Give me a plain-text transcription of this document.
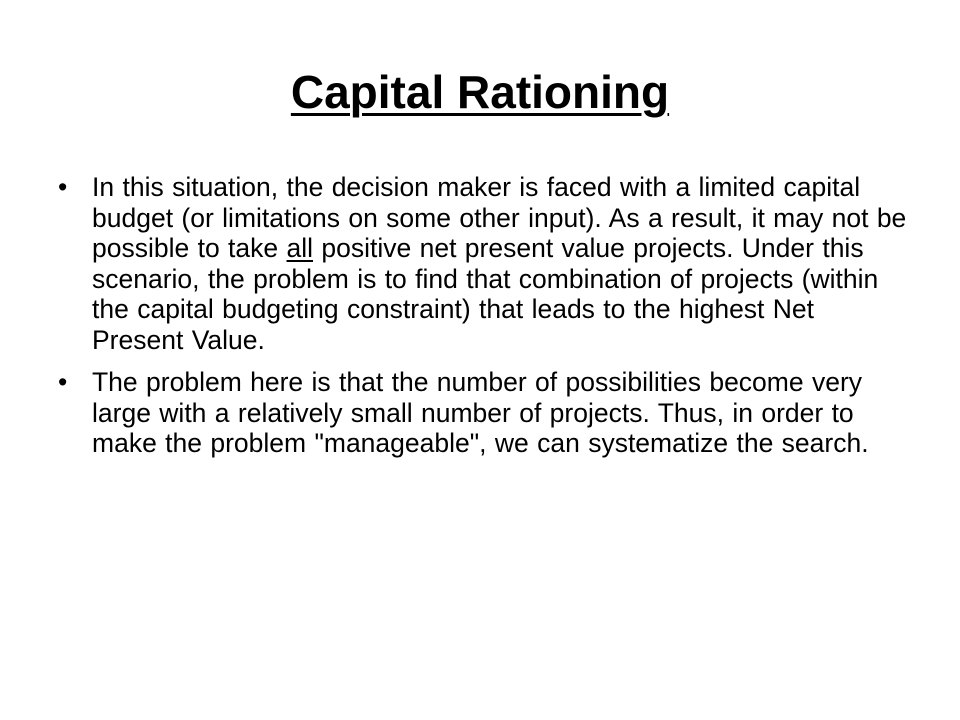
Capital Rationing
• In this situation, the decision maker is faced with a limited capital budget (or limitations on some other input). As a result, it may not be possible to take all positive net present value projects. Under this scenario, the problem is to find that combination of projects (within the capital budgeting constraint) that leads to the highest Net Present Value.
• The problem here is that the number of possibilities become very large with a relatively small number of projects. Thus, in order to make the problem "manageable", we can systematize the search.
